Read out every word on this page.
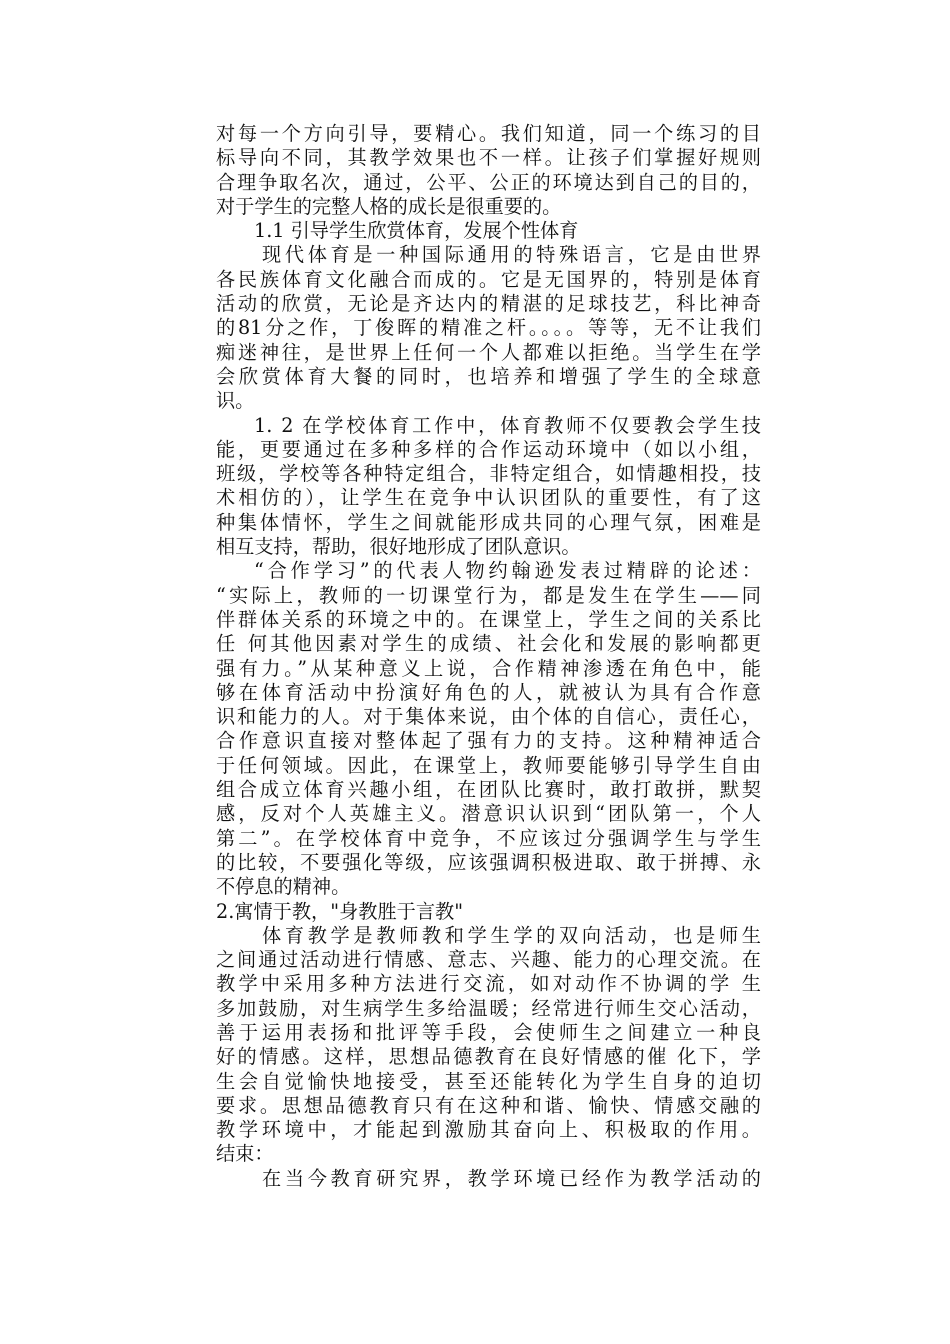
对每一个方向引导，要精心。我们知道，同一个练习的目
标导向不同，其教学效果也不一样。让孩子们掌握好规则
合理争取名次，通过，公平、公正的环境达到自己的目的，
对于学生的完整人格的成长是很重要的。
1.1 引导学生欣赏体育，发展个性体育
现代体育是一种国际通用的特殊语言，它是由世界
各民族体育文化融合而成的。它是无国界的，特别是体育
活动的欣赏，无论是齐达内的精湛的足球技艺，科比神奇
的81分之作，丁俊晖的精准之杆。。。。等等，无不让我们
痴迷神往，是世界上任何一个人都难以拒绝。当学生在学
会欣赏体育大餐的同时，也培养和增强了学生的全球意
识。
1. 2 在学校体育工作中，体育教师不仅要教会学生技
能，更要通过在多种多样的合作运动环境中（如以小组，
班级，学校等各种特定组合，非特定组合，如情趣相投，技
术相仿的），让学生在竞争中认识团队的重要性，有了这
种集体情怀，学生之间就能形成共同的心理气氛，困难是
相互支持，帮助，很好地形成了团队意识。
“合作学习”的代表人物约翰逊发表过精辟的论述：
“实际上，教师的一切课堂行为，都是发生在学生——同
伴群体关系的环境之中的。在课堂上，学生之间的关系比
任 何其他因素对学生的成绩、社会化和发展的影响都更
强有力。”从某种意义上说，合作精神渗透在角色中，能
够在体育活动中扮演好角色的人，就被认为具有合作意
识和能力的人。对于集体来说，由个体的自信心，责任心，
合作意识直接对整体起了强有力的支持。这种精神适合
于任何领域。因此，在课堂上，教师要能够引导学生自由
组合成立体育兴趣小组，在团队比赛时，敢打敢拼，默契
感，反对个人英雄主义。潜意识认识到“团队第一，个人
第二”。在学校体育中竞争，不应该过分强调学生与学生
的比较，不要强化等级，应该强调积极进取、敢于拼搏、永
不停息的精神。
2.寓情于教，"身教胜于言教"
体育教学是教师教和学生学的双向活动，也是师生
之间通过活动进行情感、意志、兴趣、能力的心理交流。在
教学中采用多种方法进行交流，如对动作不协调的学 生
多加鼓励，对生病学生多给温暖；经常进行师生交心活动，
善于运用表扬和批评等手段，会使师生之间建立一种良
好的情感。这样，思想品德教育在良好情感的催 化下，学
生会自觉愉快地接受，甚至还能转化为学生自身的迫切
要求。思想品德教育只有在这种和谐、愉快、情感交融的
教学环境中，才能起到激励其奋向上、积极取的作用。
结束：
在当今教育研究界，教学环境已经作为教学活动的
